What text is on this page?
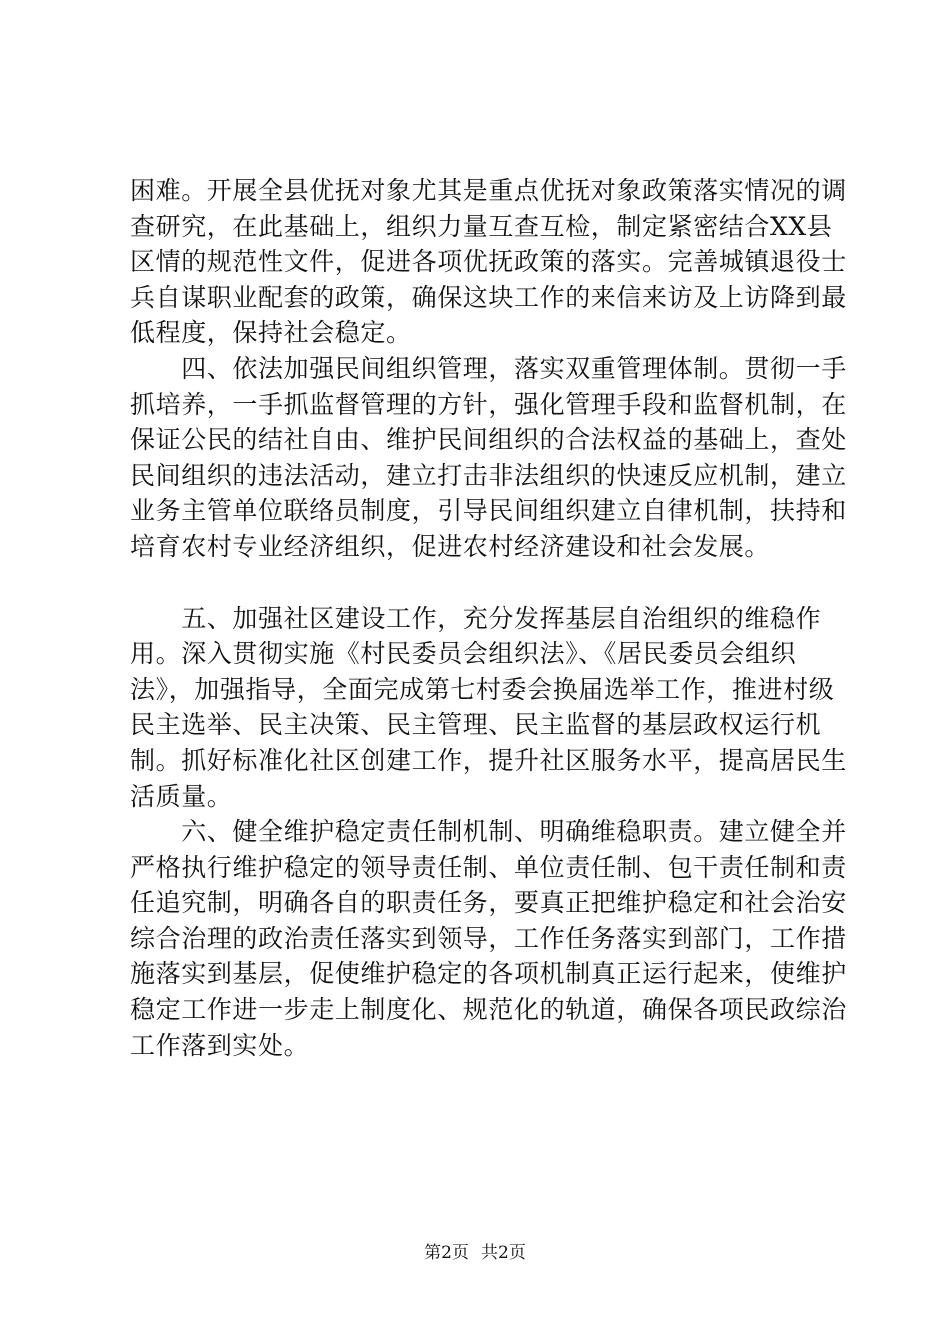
困难。开展全县优抚对象尤其是重点优抚对象政策落实情况的调查研究，在此基础上，组织力量互查互检，制定紧密结合XX县区情的规范性文件，促进各项优抚政策的落实。完善城镇退役士兵自谋职业配套的政策，确保这块工作的来信来访及上访降到最低程度，保持社会稳定。

　　四、依法加强民间组织管理，落实双重管理体制。贯彻一手抓培养，一手抓监督管理的方针，强化管理手段和监督机制，在保证公民的结社自由、维护民间组织的合法权益的基础上，查处民间组织的违法活动，建立打击非法组织的快速反应机制，建立业务主管单位联络员制度，引导民间组织建立自律机制，扶持和培育农村专业经济组织，促进农村经济建设和社会发展。

　　五、加强社区建设工作，充分发挥基层自治组织的维稳作用。深入贯彻实施《村民委员会组织法》、《居民委员会组织法》，加强指导，全面完成第七村委会换届选举工作，推进村级民主选举、民主决策、民主管理、民主监督的基层政权运行机制。抓好标准化社区创建工作，提升社区服务水平，提高居民生活质量。

　　六、健全维护稳定责任制机制、明确维稳职责。建立健全并严格执行维护稳定的领导责任制、单位责任制、包干责任制和责任追究制，明确各自的职责任务，要真正把维护稳定和社会治安综合治理的政治责任落实到领导，工作任务落实到部门，工作措施落实到基层，促使维护稳定的各项机制真正运行起来，使维护稳定工作进一步走上制度化、规范化的轨道，确保各项民政综治工作落到实处。

第2页 共2页
